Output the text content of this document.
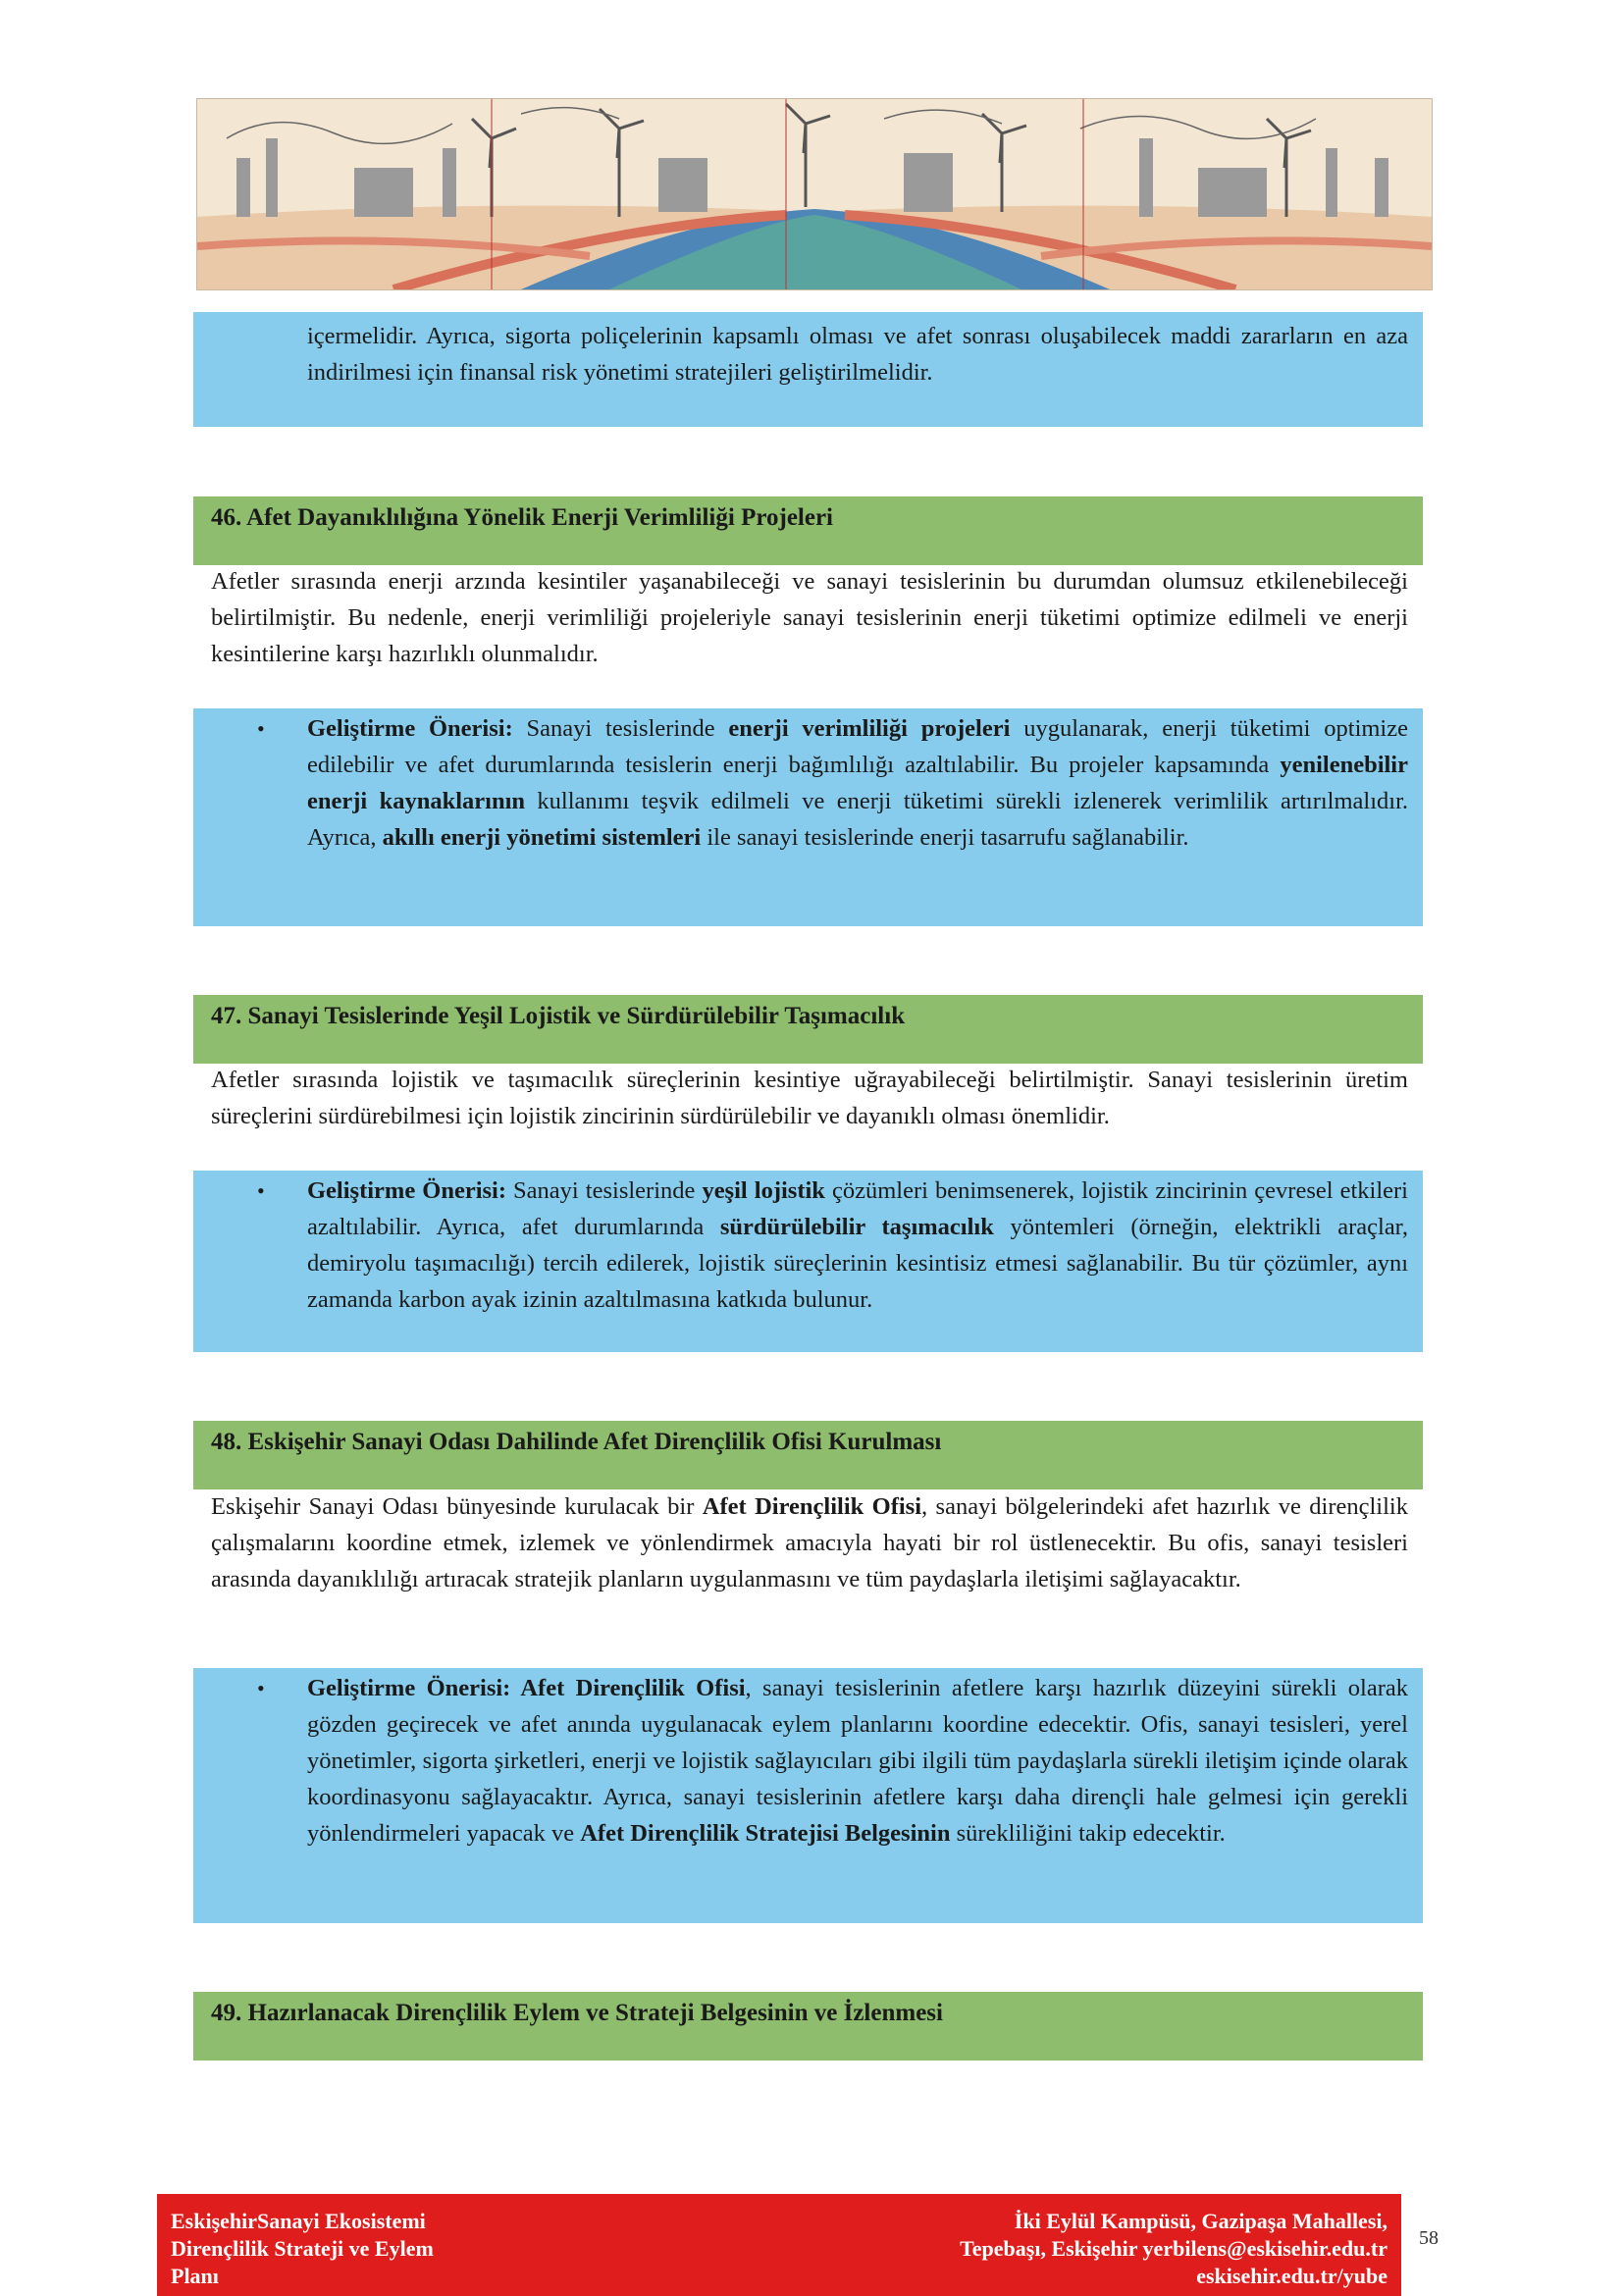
içermelidir. Ayrıca, sigorta poliçelerinin kapsamlı olması ve afet sonrası oluşabilecek maddi zararların en aza indirilmesi için finansal risk yönetimi stratejileri geliştirilmelidir.
46. Afet Dayanıklılığına Yönelik Enerji Verimliliği Projeleri
Afetler sırasında enerji arzında kesintiler yaşanabileceği ve sanayi tesislerinin bu durumdan olumsuz etkilenebileceği belirtilmiştir. Bu nedenle, enerji verimliliği projeleriyle sanayi tesislerinin enerji tüketimi optimize edilmeli ve enerji kesintilerine karşı hazırlıklı olunmalıdır.
• Geliştirme Önerisi: Sanayi tesislerinde enerji verimliliği projeleri uygulanarak, enerji tüketimi optimize edilebilir ve afet durumlarında tesislerin enerji bağımlılığı azaltılabilir. Bu projeler kapsamında yenilenebilir enerji kaynaklarının kullanımı teşvik edilmeli ve enerji tüketimi sürekli izlenerek verimlilik artırılmalıdır. Ayrıca, akıllı enerji yönetimi sistemleri ile sanayi tesislerinde enerji tasarrufu sağlanabilir.
47. Sanayi Tesislerinde Yeşil Lojistik ve Sürdürülebilir Taşımacılık
Afetler sırasında lojistik ve taşımacılık süreçlerinin kesintiye uğrayabileceği belirtilmiştir. Sanayi tesislerinin üretim süreçlerini sürdürebilmesi için lojistik zincirinin sürdürülebilir ve dayanıklı olması önemlidir.
• Geliştirme Önerisi: Sanayi tesislerinde yeşil lojistik çözümleri benimsenerek, lojistik zincirinin çevresel etkileri azaltılabilir. Ayrıca, afet durumlarında sürdürülebilir taşımacılık yöntemleri (örneğin, elektrikli araçlar, demiryolu taşımacılığı) tercih edilerek, lojistik süreçlerinin kesintisiz etmesi sağlanabilir. Bu tür çözümler, aynı zamanda karbon ayak izinin azaltılmasına katkıda bulunur.
48. Eskişehir Sanayi Odası Dahilinde Afet Dirençlilik Ofisi Kurulması
Eskişehir Sanayi Odası bünyesinde kurulacak bir Afet Dirençlilik Ofisi, sanayi bölgelerindeki afet hazırlık ve dirençlilik çalışmalarını koordine etmek, izlemek ve yönlendirmek amacıyla hayati bir rol üstlenecektir. Bu ofis, sanayi tesisleri arasında dayanıklılığı artıracak stratejik planların uygulanmasını ve tüm paydaşlarla iletişimi sağlayacaktır.
• Geliştirme Önerisi: Afet Dirençlilik Ofisi, sanayi tesislerinin afetlere karşı hazırlık düzeyini sürekli olarak gözden geçirecek ve afet anında uygulanacak eylem planlarını koordine edecektir. Ofis, sanayi tesisleri, yerel yönetimler, sigorta şirketleri, enerji ve lojistik sağlayıcıları gibi ilgili tüm paydaşlarla sürekli iletişim içinde olarak koordinasyonu sağlayacaktır. Ayrıca, sanayi tesislerinin afetlere karşı daha dirençli hale gelmesi için gerekli yönlendirmeleri yapacak ve Afet Dirençlilik Stratejisi Belgesinin sürekliliğini takip edecektir.
49. Hazırlanacak Dirençlilik Eylem ve Strateji Belgesinin ve İzlenmesi
EskişehirSanayi Ekosistemi
Dirençlilik Strateji ve Eylem
Planı
İki Eylül Kampüsü, Gazipaşa Mahallesi,
Tepebaşı, Eskişehir yerbilens@eskisehir.edu.tr
eskisehir.edu.tr/yube
58
